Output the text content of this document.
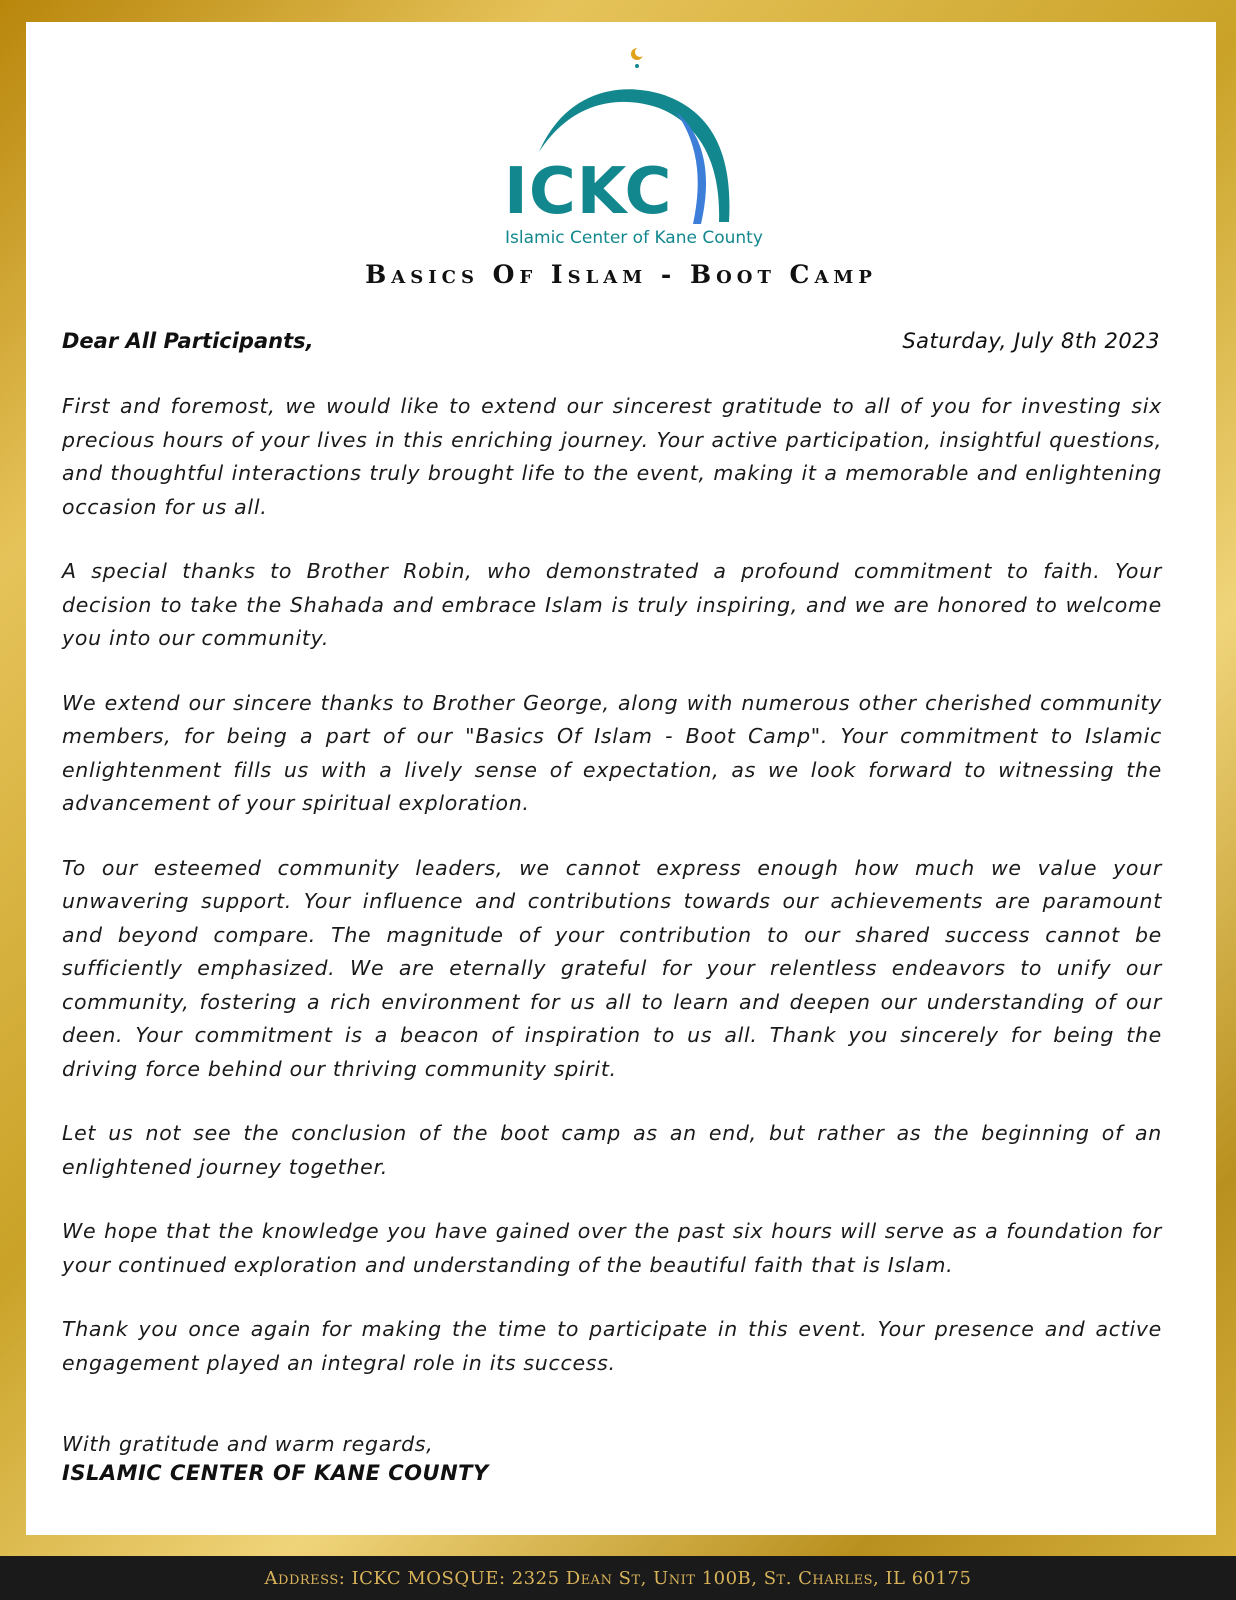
ICKC
Islamic Center of Kane County
Basics Of Islam - Boot Camp
Dear All Participants,	Saturday, July 8th 2023

First and foremost, we would like to extend our sincerest gratitude to all of you for investing six precious hours of your lives in this enriching journey. Your active participation, insightful questions, and thoughtful interactions truly brought life to the event, making it a memorable and enlightening occasion for us all.

A special thanks to Brother Robin, who demonstrated a profound commitment to faith. Your decision to take the Shahada and embrace Islam is truly inspiring, and we are honored to welcome you into our community.

We extend our sincere thanks to Brother George, along with numerous other cherished community members, for being a part of our "Basics Of Islam - Boot Camp". Your commitment to Islamic enlightenment fills us with a lively sense of expectation, as we look forward to witnessing the advancement of your spiritual exploration.

To our esteemed community leaders, we cannot express enough how much we value your unwavering support. Your influence and contributions towards our achievements are paramount and beyond compare. The magnitude of your contribution to our shared success cannot be sufficiently emphasized. We are eternally grateful for your relentless endeavors to unify our community, fostering a rich environment for us all to learn and deepen our understanding of our deen. Your commitment is a beacon of inspiration to us all. Thank you sincerely for being the driving force behind our thriving community spirit.

Let us not see the conclusion of the boot camp as an end, but rather as the beginning of an enlightened journey together.

We hope that the knowledge you have gained over the past six hours will serve as a foundation for your continued exploration and understanding of the beautiful faith that is Islam.

Thank you once again for making the time to participate in this event. Your presence and active engagement played an integral role in its success.

With gratitude and warm regards,
ISLAMIC CENTER OF KANE COUNTY
Address: ICKC MOSQUE: 2325 Dean St, Unit 100B, St. Charles, IL 60175
